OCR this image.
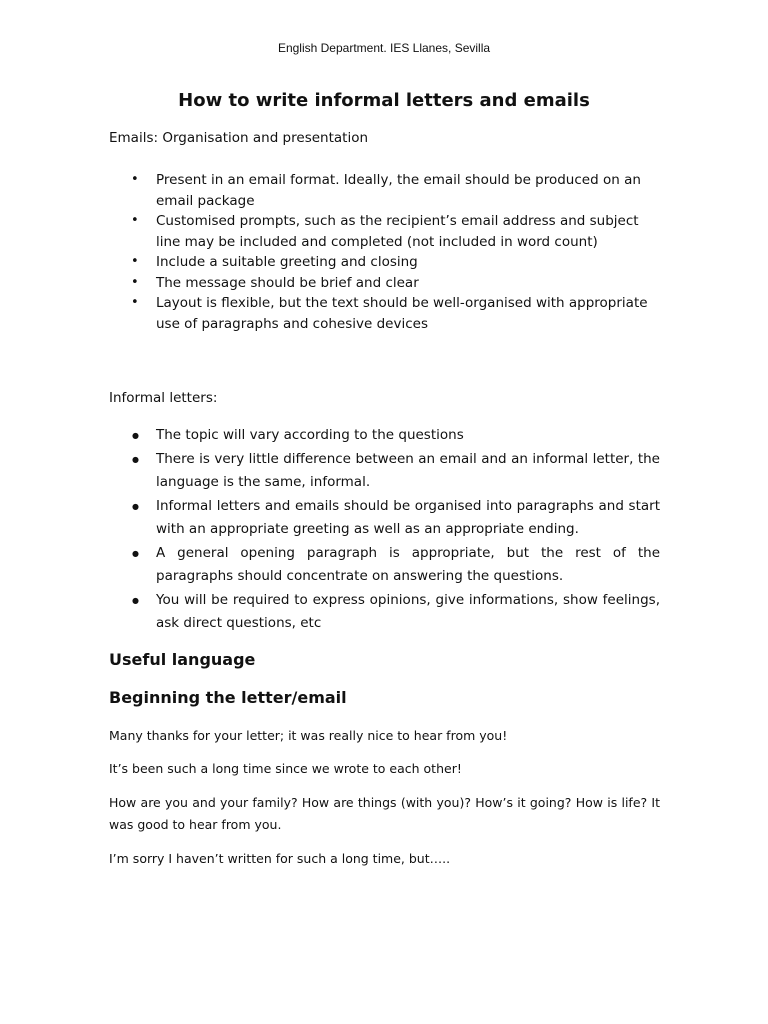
English Department. IES Llanes, Sevilla
How to write informal letters and emails
Emails: Organisation and presentation
• Present in an email format. Ideally, the email should be produced on an email package
• Customised prompts, such as the recipient’s email address and subject line may be included and completed (not included in word count)
• Include a suitable greeting and closing
• The message should be brief and clear
• Layout is flexible, but the text should be well-organised with appropriate use of paragraphs and cohesive devices
Informal letters:
● The topic will vary according to the questions
● There is very little difference between an email and an informal letter, the language is the same, informal.
● Informal letters and emails should be organised into paragraphs and start with an appropriate greeting as well as an appropriate ending.
● A general opening paragraph is appropriate, but the rest of the paragraphs should concentrate on answering the questions.
● You will be required to express opinions, give informations, show feelings, ask direct questions, etc
Useful language
Beginning the letter/email
Many thanks for your letter; it was really nice to hear from you!
It’s been such a long time since we wrote to each other!
How are you and your family? How are things (with you)? How’s it going? How is life? It was good to hear from you.
I’m sorry I haven’t written for such a long time, but…..
